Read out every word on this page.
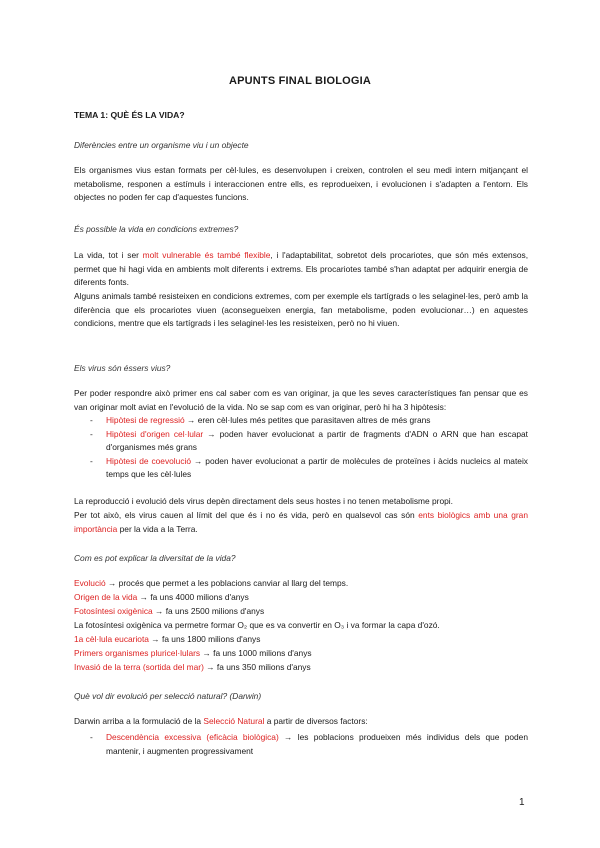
APUNTS FINAL BIOLOGIA
TEMA 1: QUÈ ÉS LA VIDA?
Diferències entre un organisme viu i un objecte
Els organismes vius estan formats per cèl·lules, es desenvolupen i creixen, controlen el seu medi intern mitjançant el metabolisme, responen a estímuls i interaccionen entre ells, es reprodueixen, i evolucionen i s'adapten a l'entorn. Els objectes no poden fer cap d'aquestes funcions.
És possible la vida en condicions extremes?
La vida, tot i ser molt vulnerable és també flexible, i l'adaptabilitat, sobretot dels procariotes, que són més extensos, permet que hi hagi vida en ambients molt diferents i extrems. Els procariotes també s'han adaptat per adquirir energia de diferents fonts.
Alguns animals també resisteixen en condicions extremes, com per exemple els tartígrads o les selaginel·les, però amb la diferència que els procariotes viuen (aconsegueixen energia, fan metabolisme, poden evolucionar…) en aquestes condicions, mentre que els tartígrads i les selaginel·les les resisteixen, però no hi viuen.
Els virus són éssers vius?
Per poder respondre això primer ens cal saber com es van originar, ja que les seves característiques fan pensar que es van originar molt aviat en l'evolució de la vida. No se sap com es van originar, però hi ha 3 hipòtesis:
- Hipòtesi de regressió → eren cèl·lules més petites que parasitaven altres de més grans
- Hipòtesi d'origen cel·lular → poden haver evolucionat a partir de fragments d'ADN o ARN que han escapat d'organismes més grans
- Hipòtesi de coevolució → poden haver evolucionat a partir de molècules de proteïnes i àcids nucleics al mateix temps que les cèl·lules
La reproducció i evolució dels virus depèn directament dels seus hostes i no tenen metabolisme propi.
Per tot això, els virus cauen al límit del que és i no és vida, però en qualsevol cas són ents biològics amb una gran importància per la vida a la Terra.
Com es pot explicar la diversitat de la vida?
Evolució → procés que permet a les poblacions canviar al llarg del temps.
Origen de la vida → fa uns 4000 milions d'anys
Fotosíntesi oxigènica → fa uns 2500 milions d'anys
La fotosíntesi oxigènica va permetre formar O₂ que es va convertir en O₃ i va formar la capa d'ozó.
1a cèl·lula eucariota → fa uns 1800 milions d'anys
Primers organismes pluricel·lulars → fa uns 1000 milions d'anys
Invasió de la terra (sortida del mar) → fa uns 350 milions d'anys
Què vol dir evolució per selecció natural? (Darwin)
Darwin arriba a la formulació de la Selecció Natural a partir de diversos factors:
- Descendència excessiva (eficàcia biològica) → les poblacions produeixen més individus dels que poden mantenir, i augmenten progressivament
1
